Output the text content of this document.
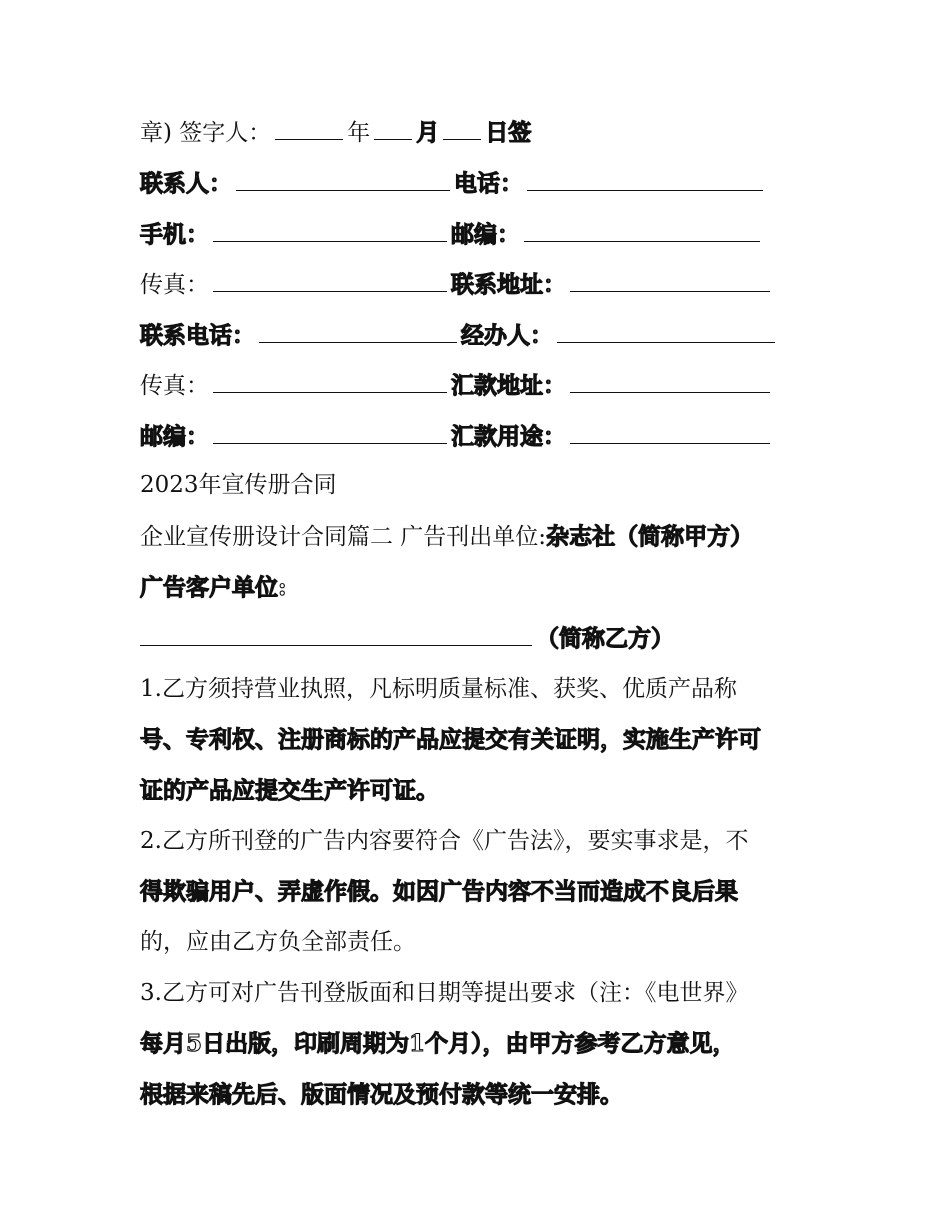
章) 签字人：	年 月 日签
联系人：	电话：
手机：	邮编：
传真：	联系地址：
联系电话：	经办人：
传真：	汇款地址：
邮编：	汇款用途：
2023年宣传册合同
企业宣传册设计合同篇二 广告刊出单位:杂志社（简称甲方）
广告客户单位:
（简称乙方）
1.乙方须持营业执照，凡标明质量标准、获奖、优质产品称
号、专利权、注册商标的产品应提交有关证明，实施生产许可
证的产品应提交生产许可证。
2.乙方所刊登的广告内容要符合《广告法》，要实事求是，不
得欺骗用户、弄虚作假。如因广告内容不当而造成不良后果
的，应由乙方负全部责任。
3.乙方可对广告刊登版面和日期等提出要求（注：《电世界》
每月5日出版，印刷周期为1个月），由甲方参考乙方意见，
根据来稿先后、版面情况及预付款等统一安排。
